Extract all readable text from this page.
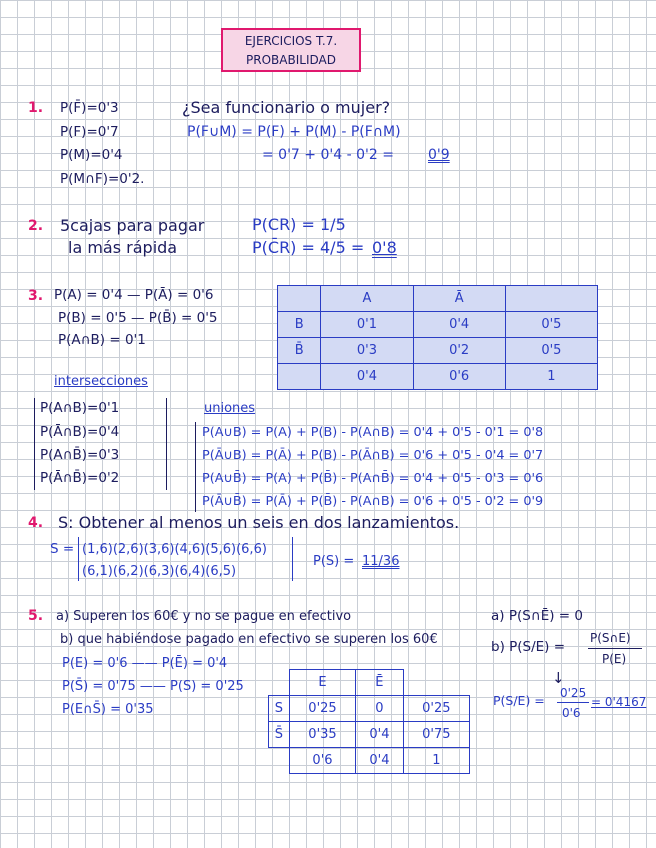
EJERCICIOS T.7.
PROBABILIDAD
1. P(F̄)=0'3
P(F)=0'7
P(M)=0'4
P(M∩F)=0'2.
¿Sea funcionario o mujer?
P(F∪M) = P(F) + P(M) - P(F∩M)
= 0'7 + 0'4 - 0'2 = 0'9
2. 5cajas para pagar
la más rápida
P(CR) = 1/5
P(C̄R) = 4/5 = 0'8
3. P(A) = 0'4 — P(Ā) = 0'6
P(B) = 0'5 — P(B̄) = 0'5
P(A∩B) = 0'1
	A	Ā	
B	0'1	0'4	0'5
B̄	0'3	0'2	0'5
	0'4	0'6	1
intersecciones
P(A∩B)=0'1
P(Ā∩B)=0'4
P(A∩B̄)=0'3
P(Ā∩B̄)=0'2
uniones
P(A∪B) = P(A) + P(B) - P(A∩B) = 0'4 + 0'5 - 0'1 = 0'8
P(Ā∪B) = P(Ā) + P(B) - P(Ā∩B) = 0'6 + 0'5 - 0'4 = 0'7
P(A∪B̄) = P(A) + P(B̄) - P(A∩B̄) = 0'4 + 0'5 - 0'3 = 0'6
P(Ā∪B̄) = P(Ā) + P(B̄) - P(A∩B) = 0'6 + 0'5 - 0'2 = 0'9
4. S: Obtener al menos un seis en dos lanzamientos.
S = (1,6)(2,6)(3,6)(4,6)(5,6)(6,6)
(6,1)(6,2)(6,3)(6,4)(6,5)
P(S) = 11/36
5. a) Superen los 60€ y no se pague en efectivo
b) que habiéndose pagado en efectivo se superen los 60€
P(E) = 0'6 —— P(Ē) = 0'4
P(S̄) = 0'75 —— P(S) = 0'25
P(E∩S̄) = 0'35
	E	Ē	
S	0'25	0	0'25
S̄	0'35	0'4	0'75
	0'6	0'4	1
a) P(S∩Ē) = 0
b) P(S/E) =
P(S∩E)
P(E)
↓
P(S/E) = 0'25
0'6
= 0'4167
